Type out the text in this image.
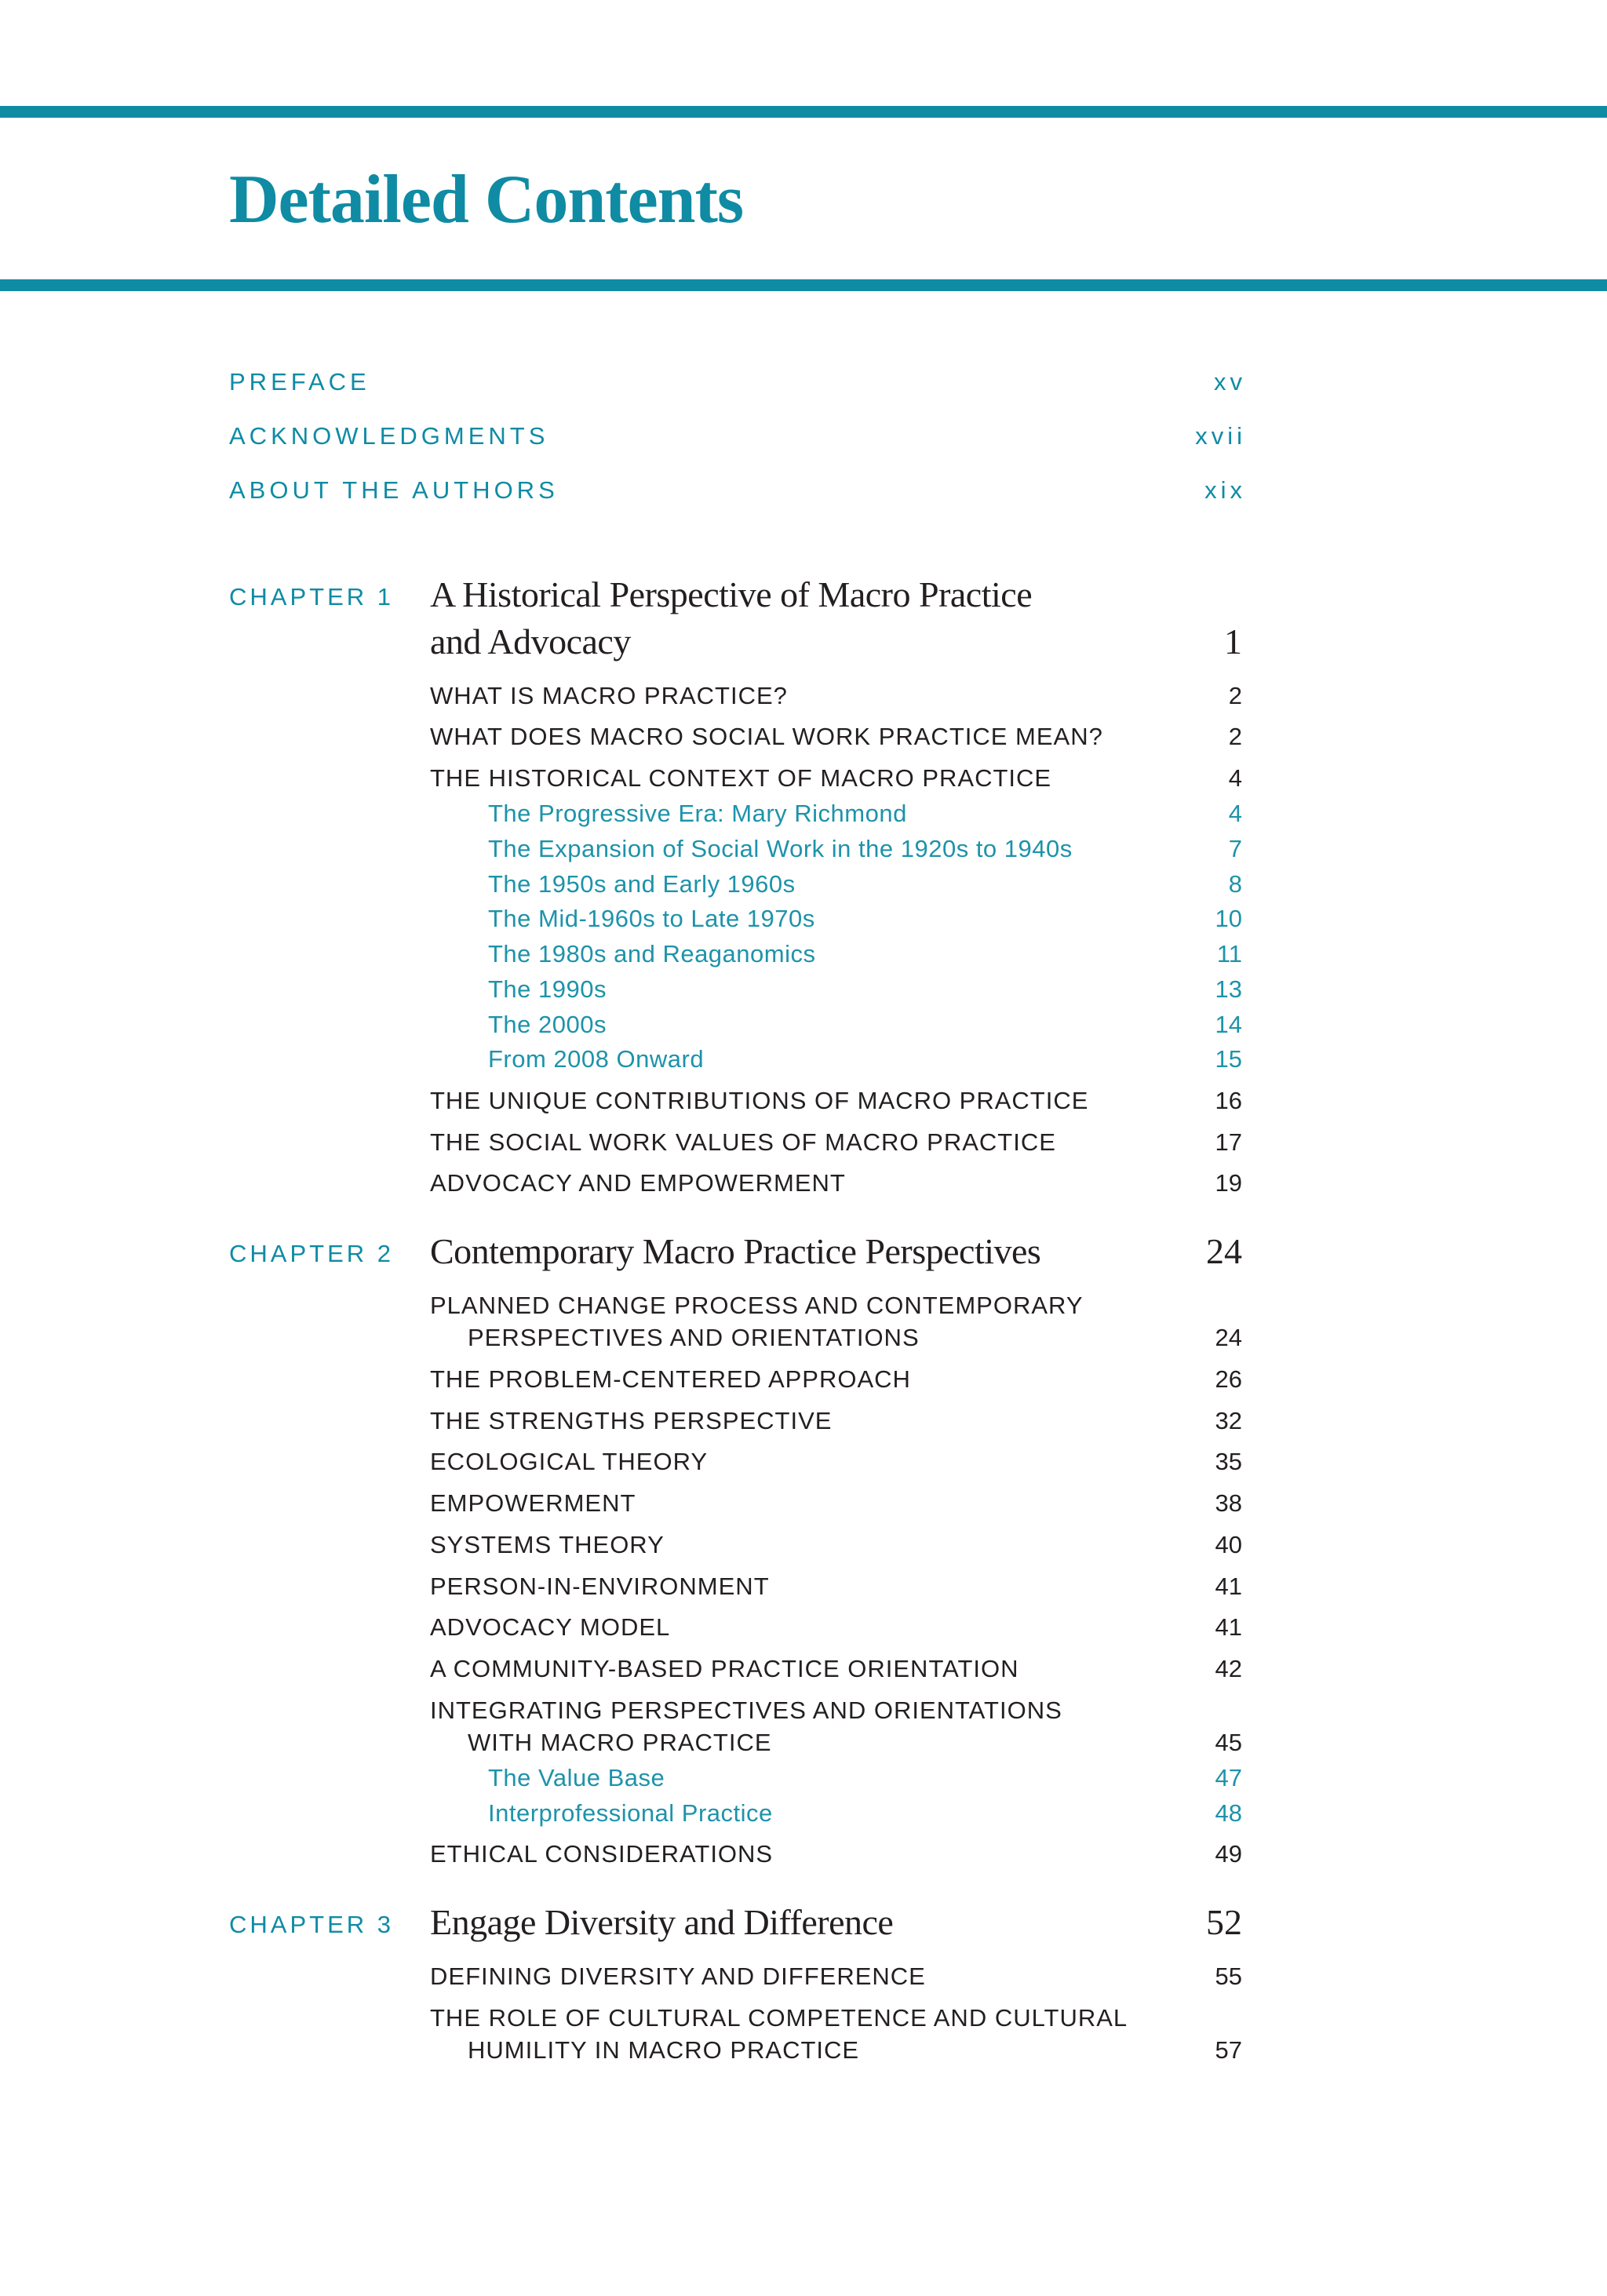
Detailed Contents
PREFACE	xv
ACKNOWLEDGMENTS	xvii
ABOUT THE AUTHORS	xix
CHAPTER 1 A Historical Perspective of Macro Practice
and Advocacy	1
WHAT IS MACRO PRACTICE?	2
WHAT DOES MACRO SOCIAL WORK PRACTICE MEAN?	2
THE HISTORICAL CONTEXT OF MACRO PRACTICE	4
The Progressive Era: Mary Richmond	4
The Expansion of Social Work in the 1920s to 1940s	7
The 1950s and Early 1960s	8
The Mid-1960s to Late 1970s	10
The 1980s and Reaganomics	11
The 1990s	13
The 2000s	14
From 2008 Onward	15
THE UNIQUE CONTRIBUTIONS OF MACRO PRACTICE	16
THE SOCIAL WORK VALUES OF MACRO PRACTICE	17
ADVOCACY AND EMPOWERMENT	19
CHAPTER 2 Contemporary Macro Practice Perspectives	24
PLANNED CHANGE PROCESS AND CONTEMPORARY
PERSPECTIVES AND ORIENTATIONS	24
THE PROBLEM-CENTERED APPROACH	26
THE STRENGTHS PERSPECTIVE	32
ECOLOGICAL THEORY	35
EMPOWERMENT	38
SYSTEMS THEORY	40
PERSON-IN-ENVIRONMENT	41
ADVOCACY MODEL	41
A COMMUNITY-BASED PRACTICE ORIENTATION	42
INTEGRATING PERSPECTIVES AND ORIENTATIONS
WITH MACRO PRACTICE	45
The Value Base	47
Interprofessional Practice	48
ETHICAL CONSIDERATIONS	49
CHAPTER 3 Engage Diversity and Difference	52
DEFINING DIVERSITY AND DIFFERENCE	55
THE ROLE OF CULTURAL COMPETENCE AND CULTURAL
HUMILITY IN MACRO PRACTICE	57
